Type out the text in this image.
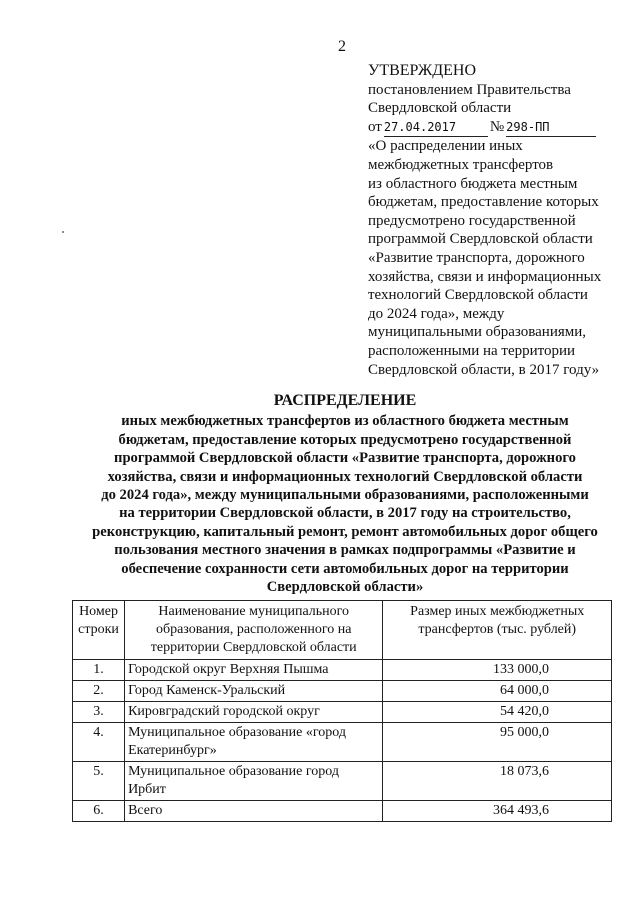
2
УТВЕРЖДЕНО
постановлением Правительства
Свердловской области
от 27.04.2017	№ 298-ПП
«О распределении иных
межбюджетных трансфертов
из областного бюджета местным
бюджетам, предоставление которых
предусмотрено государственной
программой Свердловской области
«Развитие транспорта, дорожного
хозяйства, связи и информационных
технологий Свердловской области
до 2024 года», между
муниципальными образованиями,
расположенными на территории
Свердловской области, в 2017 году»
РАСПРЕДЕЛЕНИЕ
иных межбюджетных трансфертов из областного бюджета местным
бюджетам, предоставление которых предусмотрено государственной
программой Свердловской области «Развитие транспорта, дорожного
хозяйства, связи и информационных технологий Свердловской области
до 2024 года», между муниципальными образованиями, расположенными
на территории Свердловской области, в 2017 году на строительство,
реконструкцию, капитальный ремонт, ремонт автомобильных дорог общего
пользования местного значения в рамках подпрограммы «Развитие и
обеспечение сохранности сети автомобильных дорог на территории
Свердловской области»
Номер строки	Наименование муниципального образования, расположенного на территории Свердловской области	Размер иных межбюджетных трансфертов (тыс. рублей)
1.	Городской округ Верхняя Пышма	133 000,0
2.	Город Каменск-Уральский	64 000,0
3.	Кировградский городской округ	54 420,0
4.	Муниципальное образование «город Екатеринбург»	95 000,0
5.	Муниципальное образование город Ирбит	18 073,6
6.	Всего	364 493,6
